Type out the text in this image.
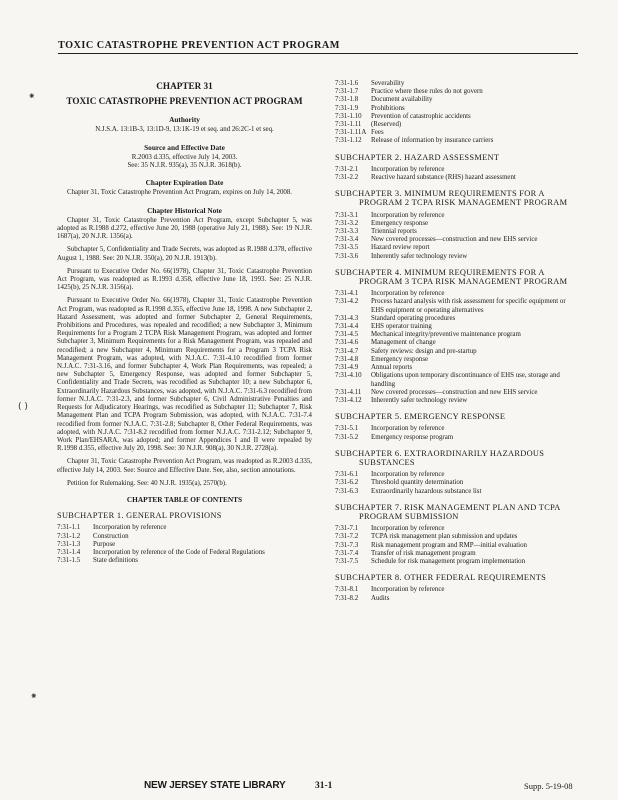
TOXIC CATASTROPHE PREVENTION ACT PROGRAM
⁕
( )
⁕
CHAPTER 31
TOXIC CATASTROPHE PREVENTION ACT PROGRAM
Authority
N.J.S.A. 13:1B-3, 13:1D-9, 13:1K-19 et seq. and 26:2C-1 et seq.
Source and Effective Date
R.2003 d.335, effective July 14, 2003.
See: 35 N.J.R. 935(a), 35 N.J.R. 3618(b).
Chapter Expiration Date

Chapter 31, Toxic Catastrophe Prevention Act Program, expires on July 14, 2008.

Chapter Historical Note

Chapter 31, Toxic Catastrophe Prevention Act Program, except Subchapter 5, was adopted as R.1988 d.272, effective June 20, 1988 (operative July 21, 1988). See: 19 N.J.R. 1687(a), 20 N.J.R. 1356(a).

Subchapter 5, Confidentiality and Trade Secrets, was adopted as R.1988 d.378, effective August 1, 1988. See: 20 N.J.R. 350(a), 20 N.J.R. 1913(b).

Pursuant to Executive Order No. 66(1978), Chapter 31, Toxic Catastrophe Prevention Act Program, was readopted as R.1993 d.358, effective June 18, 1993. See: 25 N.J.R. 1425(b), 25 N.J.R. 3156(a).

Pursuant to Executive Order No. 66(1978), Chapter 31, Toxic Catastrophe Prevention Act Program, was readopted as R.1998 d.355, effective June 18, 1998. A new Subchapter 2, Hazard Assessment, was adopted and former Subchapter 2, General Requirements, Prohibitions and Procedures, was repealed and recodified; a new Subchapter 3, Minimum Requirements for a Program 2 TCPA Risk Management Program, was adopted and former Subchapter 3, Minimum Requirements for a Risk Management Program, was repealed and recodified; a new Subchapter 4, Minimum Requirements for a Program 3 TCPA Risk Management Program, was adopted, with N.J.A.C. 7:31-4.10 recodified from former N.J.A.C. 7:31-3.16, and former Subchapter 4, Work Plan Requirements, was repealed; a new Subchapter 5, Emergency Response, was adopted and former Subchapter 5, Confidentiality and Trade Secrets, was recodified as Subchapter 10; a new Subchapter 6, Extraordinarily Hazardous Substances, was adopted, with N.J.A.C. 7:31-6.3 recodified from former N.J.A.C. 7:31-2.3, and former Subchapter 6, Civil Administrative Penalties and Requests for Adjudicatory Hearings, was recodified as Subchapter 11; Subchapter 7, Risk Management Plan and TCPA Program Submission, was adopted, with N.J.A.C. 7:31-7.4 recodified from former N.J.A.C. 7:31-2.8; Subchapter 8, Other Federal Requirements, was adopted, with N.J.A.C. 7:31-8.2 recodified from former N.J.A.C. 7:31-2.12; Subchapter 9, Work Plan/EHSARA, was adopted; and former Appendices I and II were repealed by R.1998 d.355, effective July 20, 1998. See: 30 N.J.R. 908(a), 30 N.J.R. 2728(a).

Chapter 31, Toxic Catastrophe Prevention Act Program, was readopted as R.2003 d.335, effective July 14, 2003. See: Source and Effective Date. See, also, section annotations.

Petition for Rulemaking. See: 40 N.J.R. 1935(a), 2570(b).

CHAPTER TABLE OF CONTENTS
SUBCHAPTER 1. GENERAL PROVISIONS
7:31-1.1	Incorporation by reference
7:31-1.2	Construction
7:31-1.3	Purpose
7:31-1.4	Incorporation by reference of the Code of Federal Regulations
7:31-1.5	State definitions
7:31-1.6	Severability
7:31-1.7	Practice where these rules do not govern
7:31-1.8	Document availability
7:31-1.9	Prohibitions
7:31-1.10	Prevention of catastrophic accidents
7:31-1.11	(Reserved)
7:31-1.11A Fees
7:31-1.12	Release of information by insurance carriers
SUBCHAPTER 2. HAZARD ASSESSMENT
7:31-2.1	Incorporation by reference
7:31-2.2	Reactive hazard substance (RHS) hazard assessment
SUBCHAPTER 3. MINIMUM REQUIREMENTS FOR A PROGRAM 2 TCPA RISK MANAGEMENT PROGRAM
7:31-3.1	Incorporation by reference
7:31-3.2	Emergency response
7:31-3.3	Triennial reports
7:31-3.4	New covered processes—construction and new EHS service
7:31-3.5	Hazard review report
7:31-3.6	Inherently safer technology review
SUBCHAPTER 4. MINIMUM REQUIREMENTS FOR A PROGRAM 3 TCPA RISK MANAGEMENT PROGRAM
7:31-4.1	Incorporation by reference
7:31-4.2	Process hazard analysis with risk assessment for specific equipment or EHS equipment or operating alternatives
7:31-4.3	Standard operating procedures
7:31-4.4	EHS operator training
7:31-4.5	Mechanical integrity/preventive maintenance program
7:31-4.6	Management of change
7:31-4.7	Safety reviews: design and pre-startup
7:31-4.8	Emergency response
7:31-4.9	Annual reports
7:31-4.10	Obligations upon temporary discontinuance of EHS use, storage and handling
7:31-4.11	New covered processes—construction and new EHS service
7:31-4.12	Inherently safer technology review
SUBCHAPTER 5. EMERGENCY RESPONSE
7:31-5.1	Incorporation by reference
7:31-5.2	Emergency response program
SUBCHAPTER 6. EXTRAORDINARILY HAZARDOUS SUBSTANCES
7:31-6.1	Incorporation by reference
7:31-6.2	Threshold quantity determination
7:31-6.3	Extraordinarily hazardous substance list
SUBCHAPTER 7. RISK MANAGEMENT PLAN AND TCPA PROGRAM SUBMISSION
7:31-7.1	Incorporation by reference
7:31-7.2	TCPA risk management plan submission and updates
7:31-7.3	Risk management program and RMP—initial evaluation
7:31-7.4	Transfer of risk management program
7:31-7.5	Schedule for risk management program implementation
SUBCHAPTER 8. OTHER FEDERAL REQUIREMENTS
7:31-8.1	Incorporation by reference
7:31-8.2	Audits
NEW JERSEY STATE LIBRARY	31-1	Supp. 5-19-08
